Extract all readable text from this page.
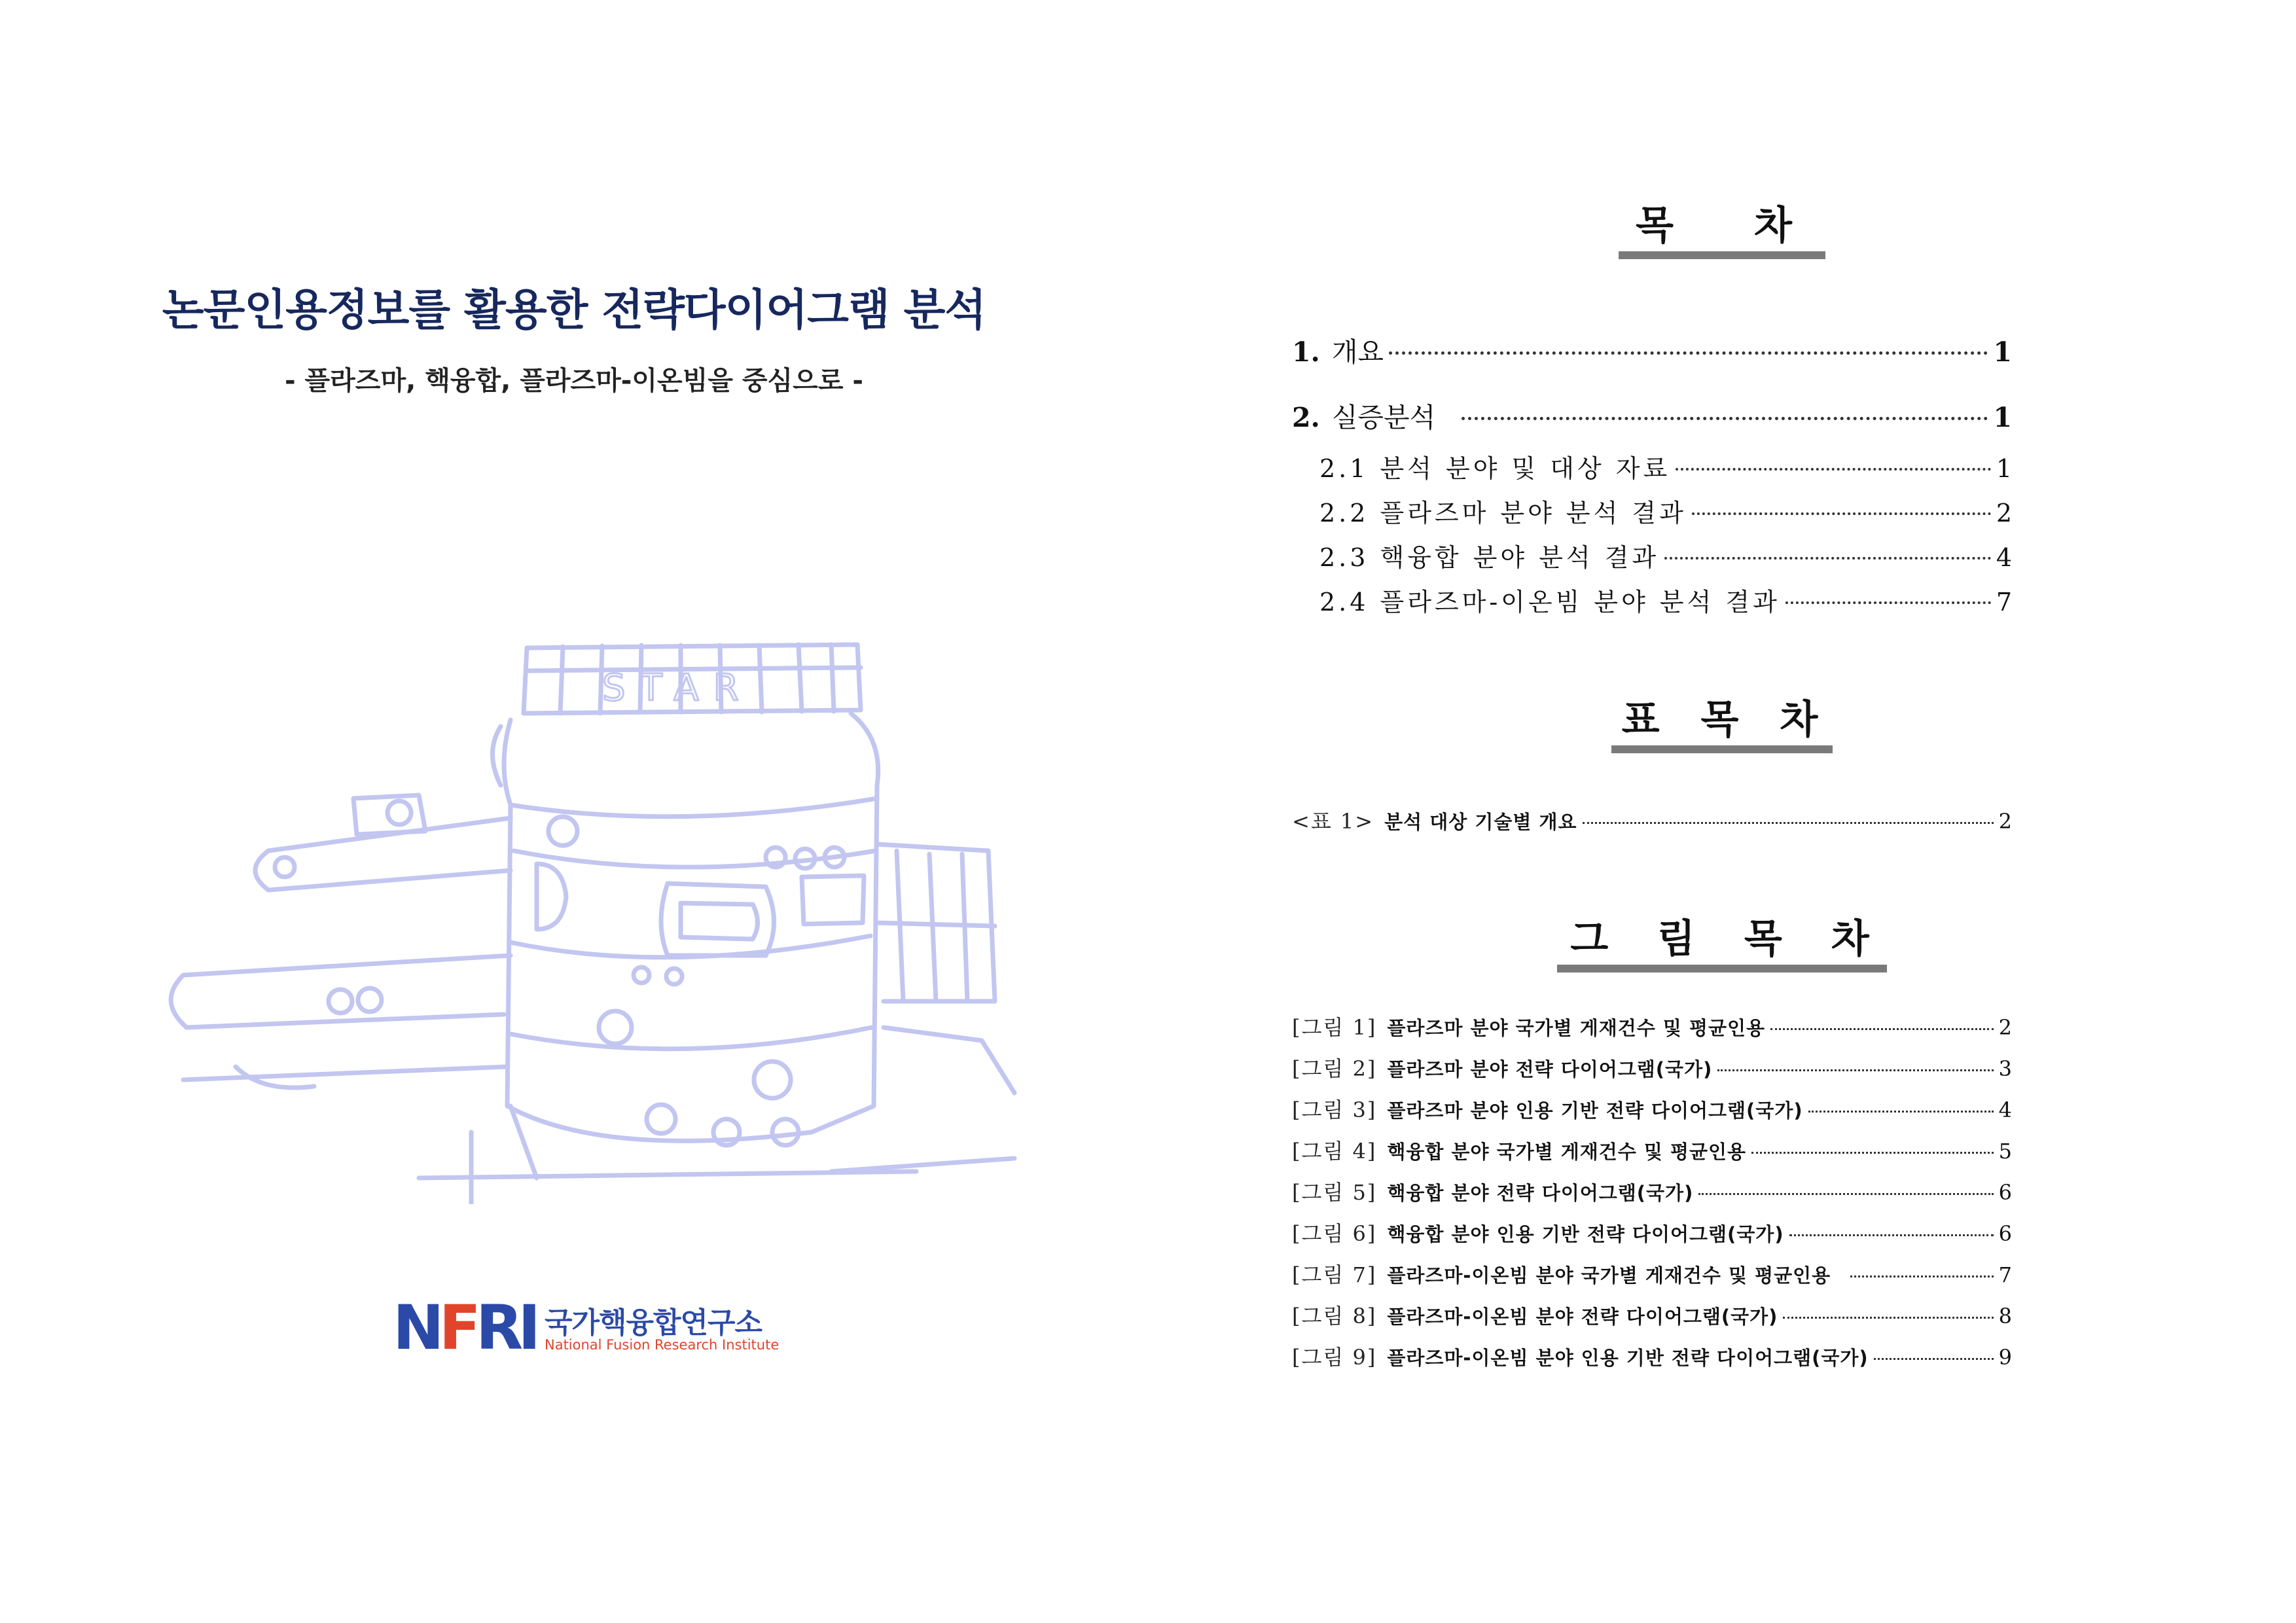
논문인용정보를 활용한 전략다이어그램 분석
- 플라즈마, 핵융합, 플라즈마-이온빔을 중심으로 -
STAR
NFRI 국가핵융합연구소
National Fusion Research Institute
목 차
1. 개요	1
2. 실증분석	1
2.1 분석 분야 및 대상 자료	1
2.2 플라즈마 분야 분석 결과	2
2.3 핵융합 분야 분석 결과	4
2.4 플라즈마-이온빔 분야 분석 결과	7
표 목 차
<표 1> 분석 대상 기술별 개요	2
그 림 목 차
[그림 1] 플라즈마 분야 국가별 게재건수 및 평균인용	2
[그림 2] 플라즈마 분야 전략 다이어그램(국가)	3
[그림 3] 플라즈마 분야 인용 기반 전략 다이어그램(국가)	4
[그림 4] 핵융합 분야 국가별 게재건수 및 평균인용	5
[그림 5] 핵융합 분야 전략 다이어그램(국가)	6
[그림 6] 핵융합 분야 인용 기반 전략 다이어그램(국가)	6
[그림 7] 플라즈마-이온빔 분야 국가별 게재건수 및 평균인용	7
[그림 8] 플라즈마-이온빔 분야 전략 다이어그램(국가)	8
[그림 9] 플라즈마-이온빔 분야 인용 기반 전략 다이어그램(국가)	9
